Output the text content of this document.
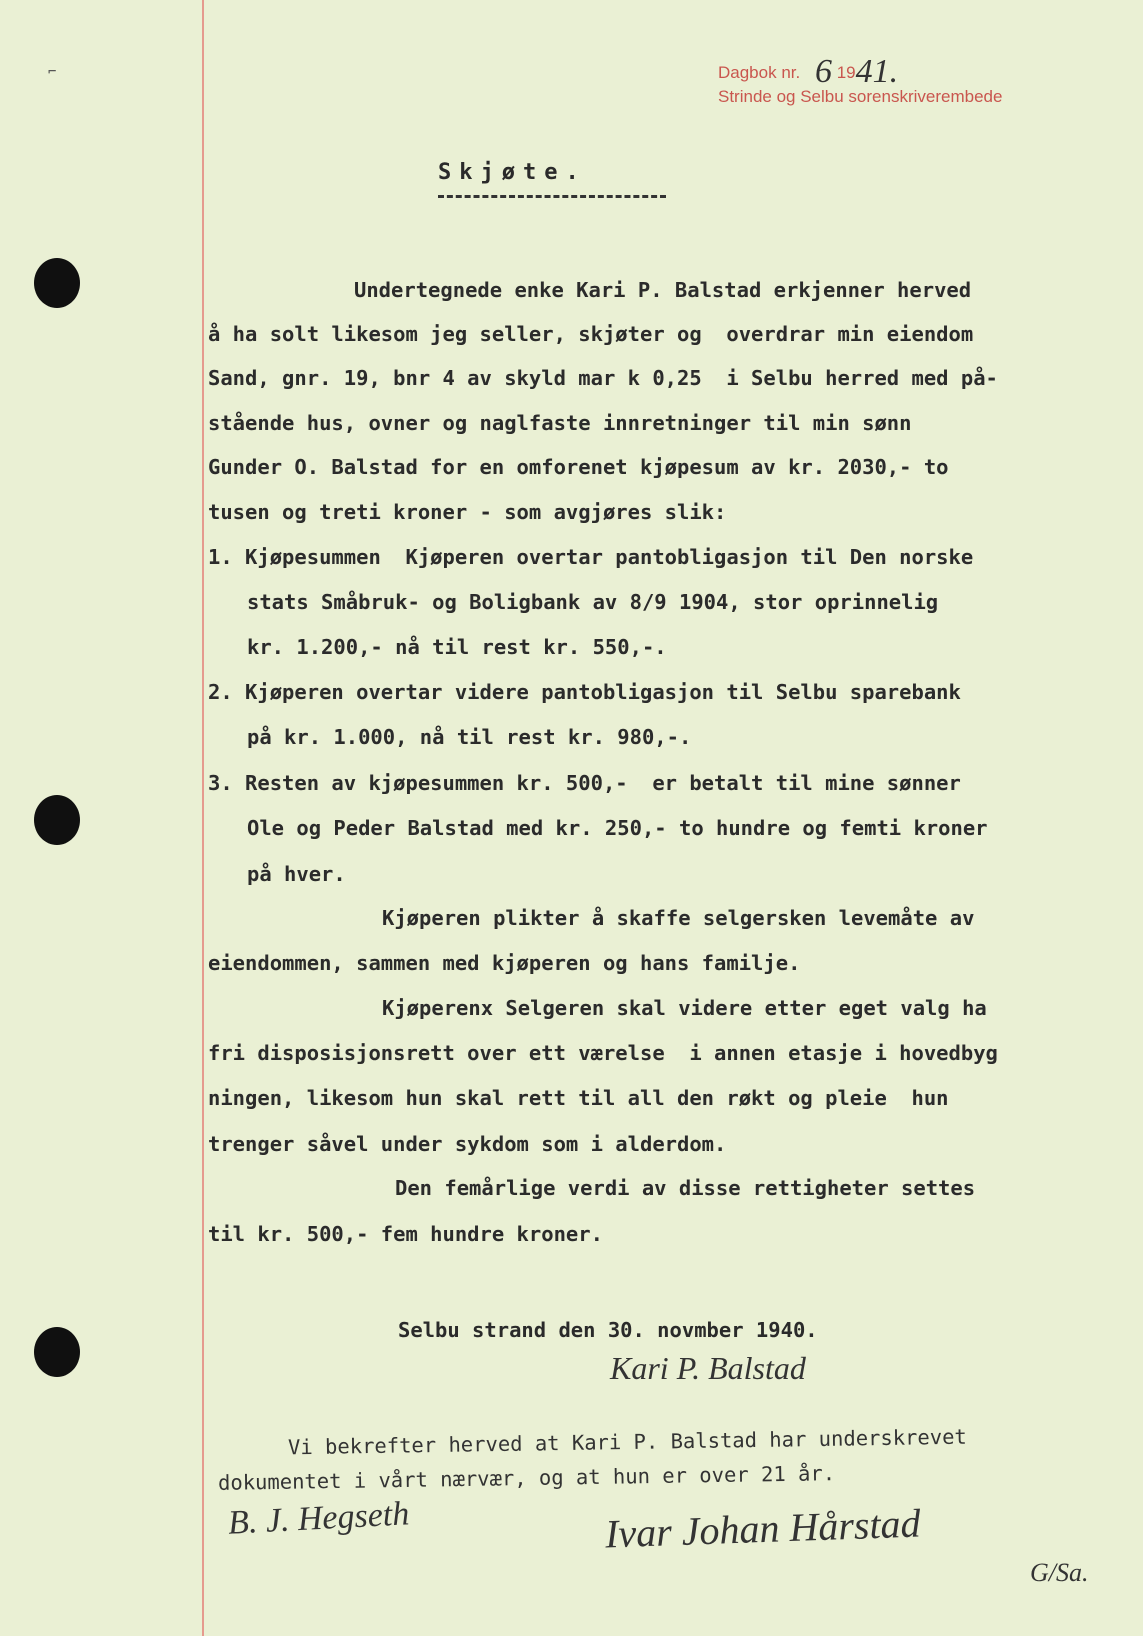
Dagbok nr. 6 1941.
Strinde og Selbu sorenskriverembede
Skjøte.
Undertegnede enke Kari P. Balstad erkjenner herved
å ha solt likesom jeg seller, skjøter og  overdrar min eiendom
Sand, gnr. 19, bnr 4 av skyld mar k 0,25  i Selbu herred med på-
stående hus, ovner og naglfaste innretninger til min sønn
Gunder O. Balstad for en omforenet kjøpesum av kr. 2030,- to
tusen og treti kroner - som avgjøres slik:
1. Kjøpesummen  Kjøperen overtar pantobligasjon til Den norske
stats Småbruk- og Boligbank av 8/9 1904, stor oprinnelig
kr. 1.200,- nå til rest kr. 550,-.
2. Kjøperen overtar videre pantobligasjon til Selbu sparebank
på kr. 1.000, nå til rest kr. 980,-.
3. Resten av kjøpesummen kr. 500,-  er betalt til mine sønner
Ole og Peder Balstad med kr. 250,- to hundre og femti kroner
på hver.
Kjøperen plikter å skaffe selgersken levemåte av
eiendommen, sammen med kjøperen og hans familje.
Kjøperenx Selgeren skal videre etter eget valg ha
fri disposisjonsrett over ett værelse  i annen etasje i hovedbyg
ningen, likesom hun skal rett til all den røkt og pleie  hun
trenger såvel under sykdom som i alderdom.
Den femårlige verdi av disse rettigheter settes
til kr. 500,- fem hundre kroner.
Selbu strand den 30. novmber 1940.
Kari P. Balstad
Vi bekrefter herved at Kari P. Balstad har underskrevet
dokumentet i vårt nærvær, og at hun er over 21 år.
B. J. Hegseth	Ivar Johan Hårstad
G/Sa.
⌐
